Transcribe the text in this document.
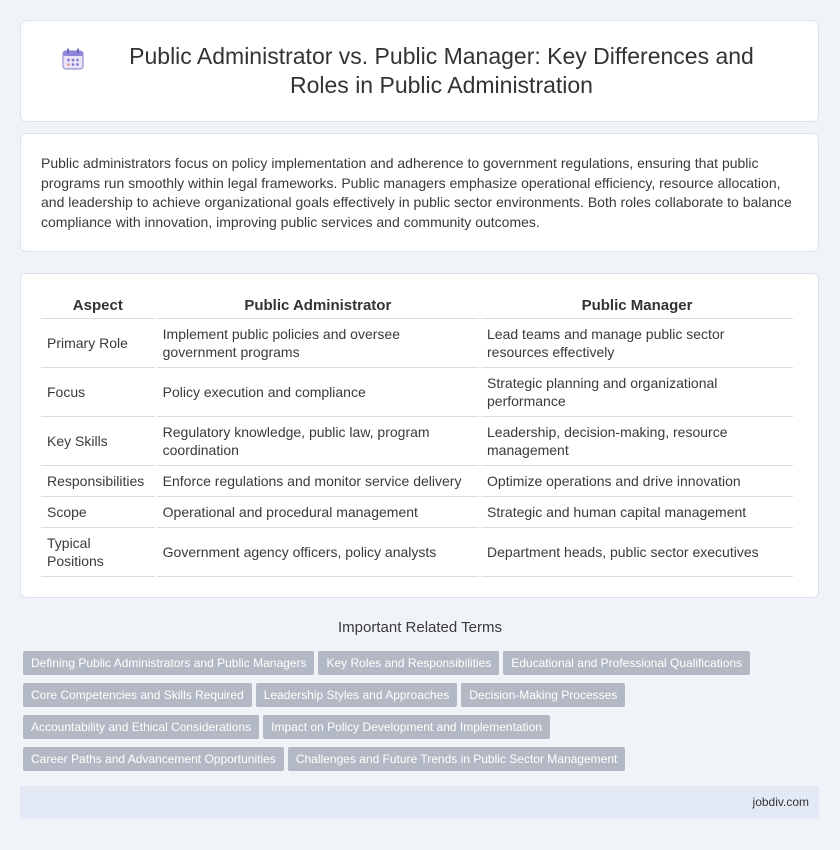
Public Administrator vs. Public Manager: Key Differences and Roles in Public Administration

Public administrators focus on policy implementation and adherence to government regulations, ensuring that public programs run smoothly within legal frameworks. Public managers emphasize operational efficiency, resource allocation, and leadership to achieve organizational goals effectively in public sector environments. Both roles collaborate to balance compliance with innovation, improving public services and community outcomes.

Aspect	Public Administrator	Public Manager
Primary Role	Implement public policies and oversee government programs	Lead teams and manage public sector resources effectively
Focus	Policy execution and compliance	Strategic planning and organizational performance
Key Skills	Regulatory knowledge, public law, program coordination	Leadership, decision-making, resource management
Responsibilities	Enforce regulations and monitor service delivery	Optimize operations and drive innovation
Scope	Operational and procedural management	Strategic and human capital management
Typical Positions	Government agency officers, policy analysts	Department heads, public sector executives
Important Related Terms
Defining Public Administrators and Public Managers Key Roles and Responsibilities Educational and Professional Qualifications
Core Competencies and Skills Required Leadership Styles and Approaches Decision-Making Processes
Accountability and Ethical Considerations Impact on Policy Development and Implementation
Career Paths and Advancement Opportunities Challenges and Future Trends in Public Sector Management
jobdiv.com
